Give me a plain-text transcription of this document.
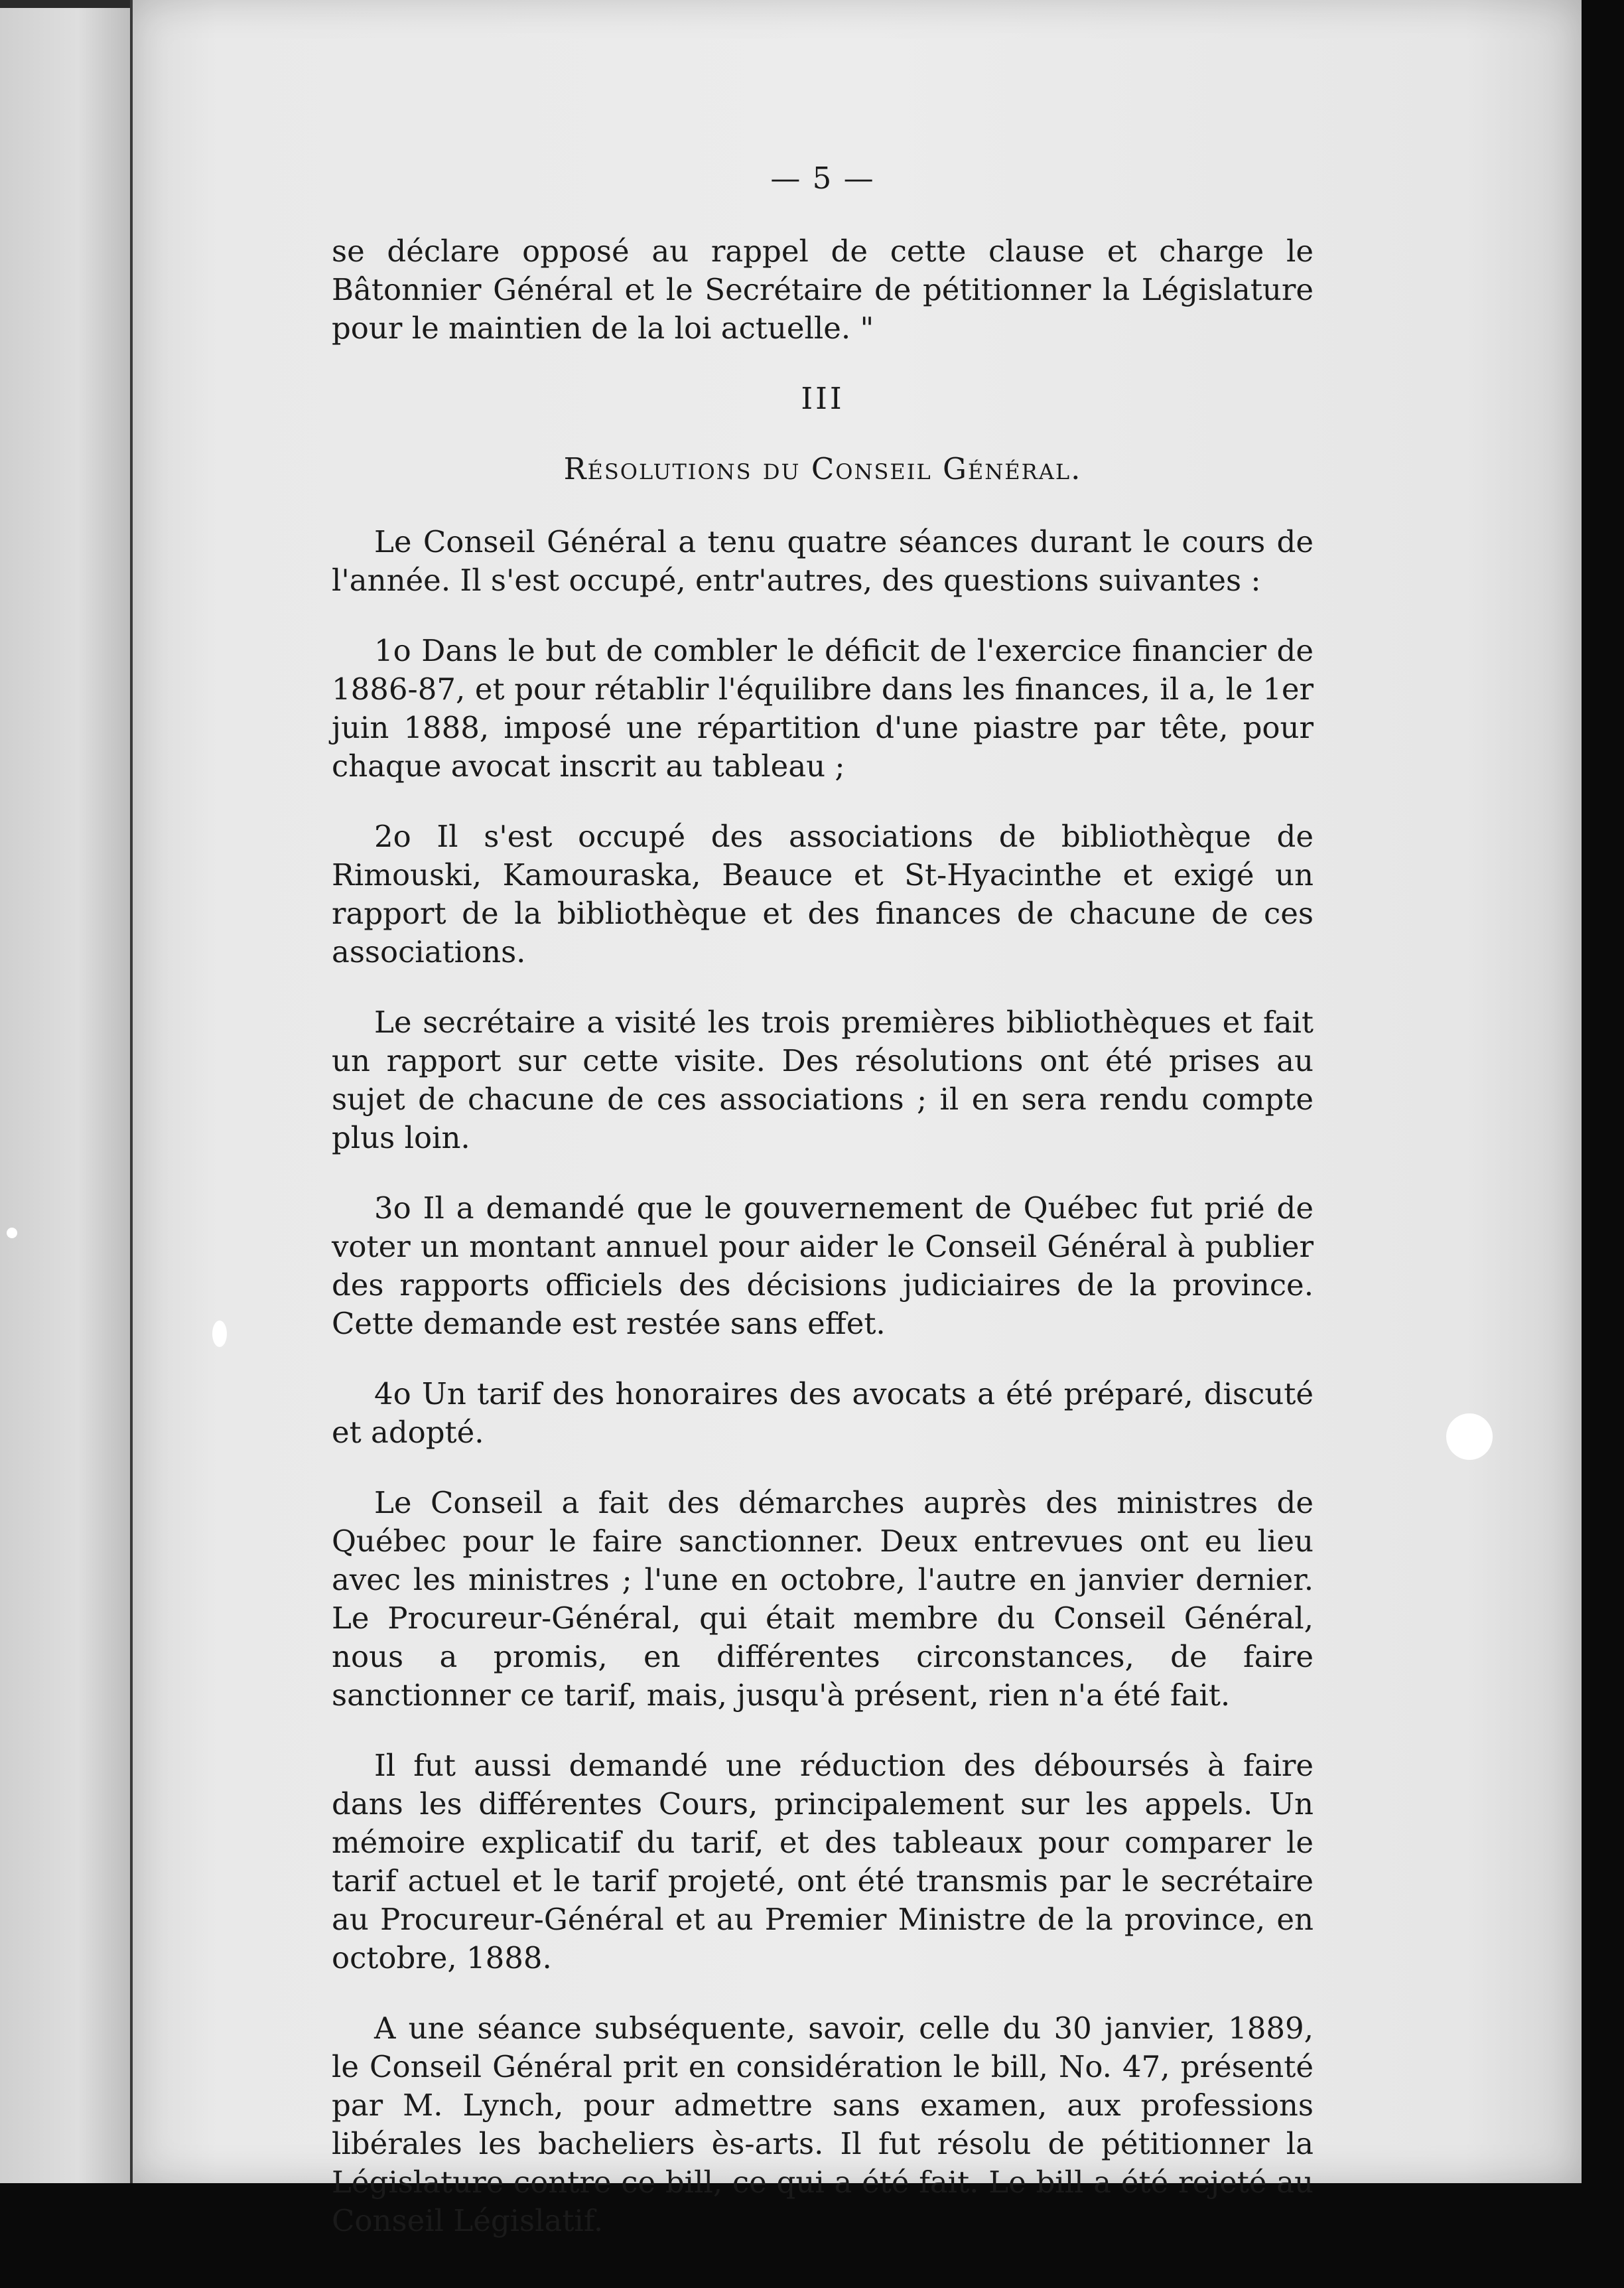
— 5 —

se déclare opposé au rappel de cette clause et charge le Bâtonnier Général et le Secrétaire de pétitionner la Législature pour le maintien de la loi actuelle. "

III
Résolutions du Conseil Général.

Le Conseil Général a tenu quatre séances durant le cours de l'année. Il s'est occupé, entr'autres, des questions suivantes :

1o Dans le but de combler le déficit de l'exercice financier de 1886-87, et pour rétablir l'équilibre dans les finances, il a, le 1er juin 1888, imposé une répartition d'une piastre par tête, pour chaque avocat inscrit au tableau ;

2o Il s'est occupé des associations de bibliothèque de Rimouski, Kamouraska, Beauce et St-Hyacinthe et exigé un rapport de la bibliothèque et des finances de chacune de ces associations.

Le secrétaire a visité les trois premières bibliothèques et fait un rapport sur cette visite. Des résolutions ont été prises au sujet de chacune de ces associations ; il en sera rendu compte plus loin.

3o Il a demandé que le gouvernement de Québec fut prié de voter un montant annuel pour aider le Conseil Général à publier des rapports officiels des décisions judiciaires de la province. Cette demande est restée sans effet.

4o Un tarif des honoraires des avocats a été préparé, discuté et adopté.

Le Conseil a fait des démarches auprès des ministres de Québec pour le faire sanctionner. Deux entrevues ont eu lieu avec les ministres ; l'une en octobre, l'autre en janvier dernier. Le Procureur-Général, qui était membre du Conseil Général, nous a promis, en différentes circonstances, de faire sanctionner ce tarif, mais, jusqu'à présent, rien n'a été fait.

Il fut aussi demandé une réduction des déboursés à faire dans les différentes Cours, principalement sur les appels. Un mémoire explicatif du tarif, et des tableaux pour comparer le tarif actuel et le tarif projeté, ont été transmis par le secrétaire au Procureur-Général et au Premier Ministre de la province, en octobre, 1888.

A une séance subséquente, savoir, celle du 30 janvier, 1889, le Conseil Général prit en considération le bill, No. 47, présenté par M. Lynch, pour admettre sans examen, aux professions libérales les bacheliers ès-arts. Il fut résolu de pétitionner la Législature contre ce bill, ce qui a été fait. Le bill a été rejeté au Conseil Législatif.
